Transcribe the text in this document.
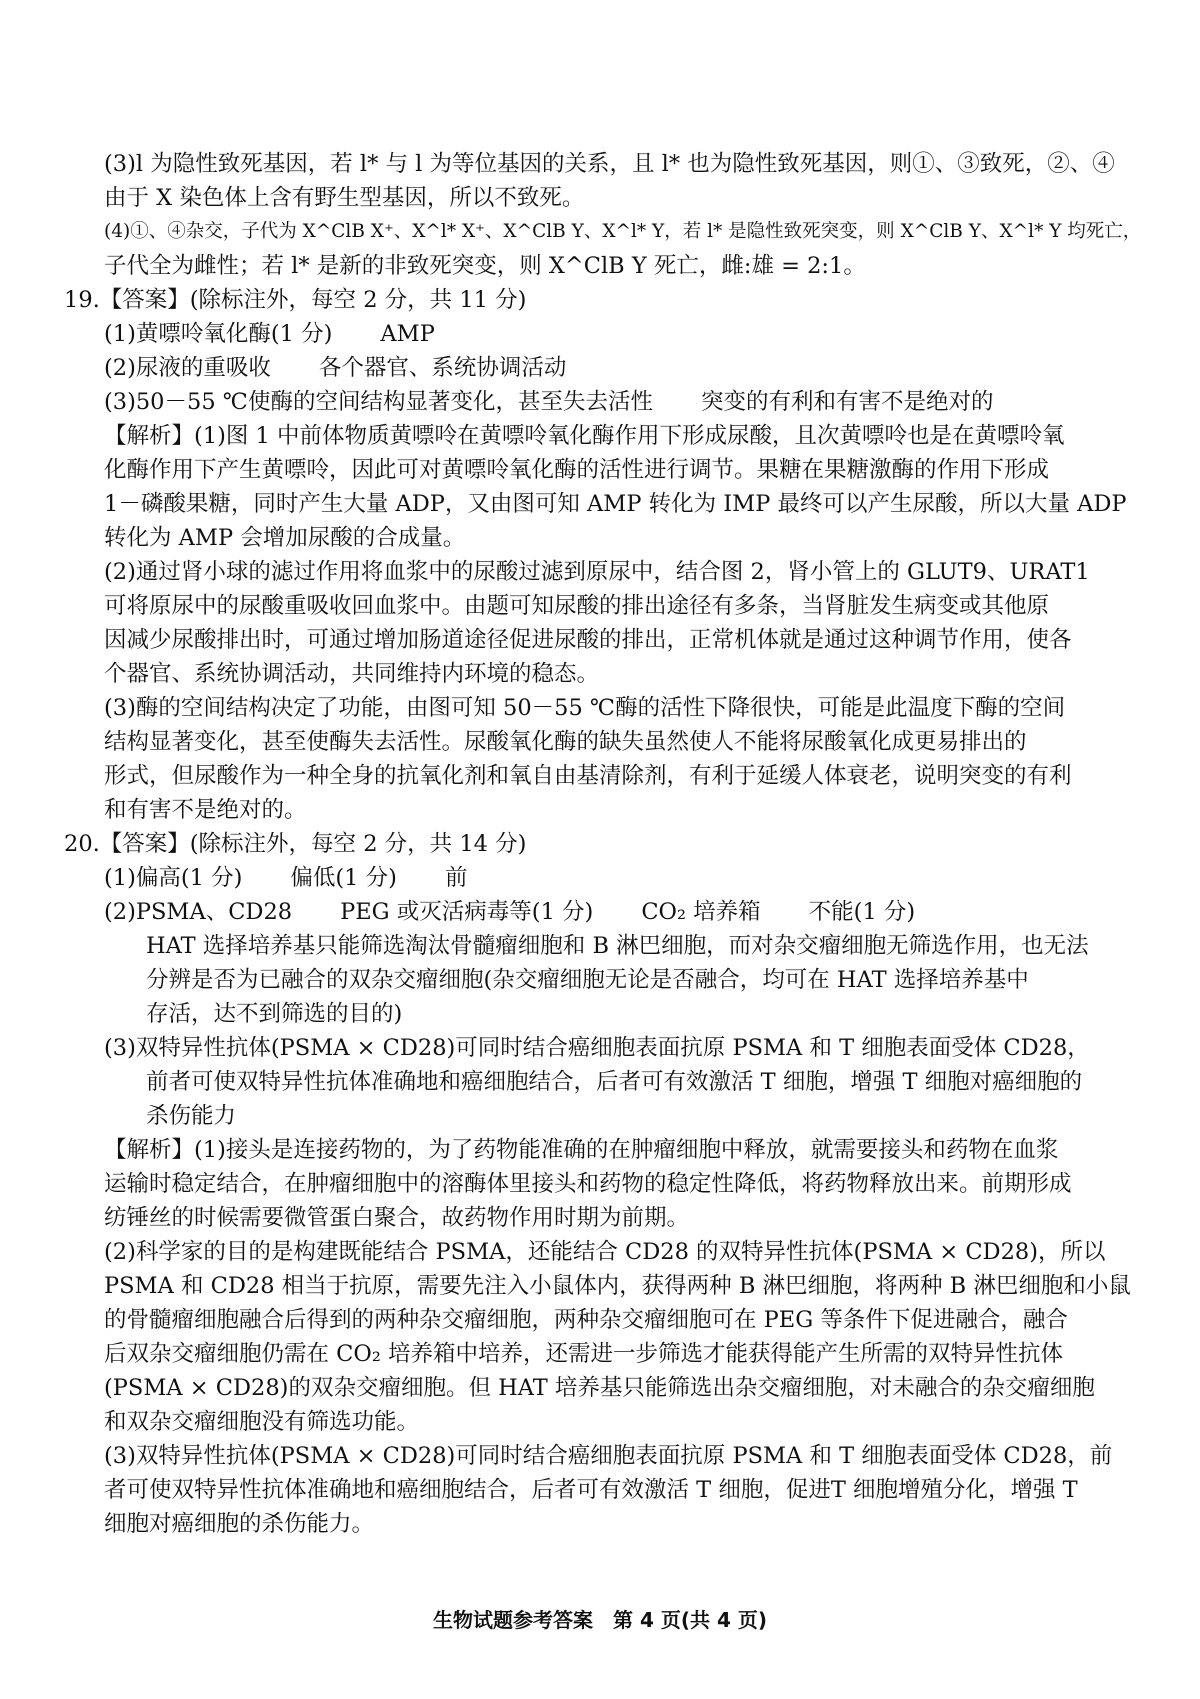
(3)l 为隐性致死基因，若 l* 与 l 为等位基因的关系，且 l* 也为隐性致死基因，则①、③致死，②、④
由于 X 染色体上含有野生型基因，所以不致死。
(4)①、④杂交，子代为 X^ClB X⁺、X^l* X⁺、X^ClB Y、X^l* Y，若 l* 是隐性致死突变，则 X^ClB Y、X^l* Y 均死亡，
子代全为雌性；若 l* 是新的非致死突变，则 X^ClB Y 死亡，雌:雄 = 2:1。
19.【答案】(除标注外，每空 2 分，共 11 分)
(1)黄嘌呤氧化酶(1 分) AMP
(2)尿液的重吸收 各个器官、系统协调活动
(3)50－55 ℃使酶的空间结构显著变化，甚至失去活性 突变的有利和有害不是绝对的
【解析】(1)图 1 中前体物质黄嘌呤在黄嘌呤氧化酶作用下形成尿酸，且次黄嘌呤也是在黄嘌呤氧
化酶作用下产生黄嘌呤，因此可对黄嘌呤氧化酶的活性进行调节。果糖在果糖激酶的作用下形成
1－磷酸果糖，同时产生大量 ADP，又由图可知 AMP 转化为 IMP 最终可以产生尿酸，所以大量 ADP
转化为 AMP 会增加尿酸的合成量。
(2)通过肾小球的滤过作用将血浆中的尿酸过滤到原尿中，结合图 2，肾小管上的 GLUT9、URAT1
可将原尿中的尿酸重吸收回血浆中。由题可知尿酸的排出途径有多条，当肾脏发生病变或其他原
因减少尿酸排出时，可通过增加肠道途径促进尿酸的排出，正常机体就是通过这种调节作用，使各
个器官、系统协调活动，共同维持内环境的稳态。
(3)酶的空间结构决定了功能，由图可知 50－55 ℃酶的活性下降很快，可能是此温度下酶的空间
结构显著变化，甚至使酶失去活性。尿酸氧化酶的缺失虽然使人不能将尿酸氧化成更易排出的
形式，但尿酸作为一种全身的抗氧化剂和氧自由基清除剂，有利于延缓人体衰老，说明突变的有利
和有害不是绝对的。
20.【答案】(除标注外，每空 2 分，共 14 分)
(1)偏高(1 分) 偏低(1 分) 前
(2)PSMA、CD28 PEG 或灭活病毒等(1 分) CO₂ 培养箱 不能(1 分)
HAT 选择培养基只能筛选淘汰骨髓瘤细胞和 B 淋巴细胞，而对杂交瘤细胞无筛选作用，也无法
分辨是否为已融合的双杂交瘤细胞(杂交瘤细胞无论是否融合，均可在 HAT 选择培养基中
存活，达不到筛选的目的)
(3)双特异性抗体(PSMA × CD28)可同时结合癌细胞表面抗原 PSMA 和 T 细胞表面受体 CD28，
前者可使双特异性抗体准确地和癌细胞结合，后者可有效激活 T 细胞，增强 T 细胞对癌细胞的
杀伤能力
【解析】(1)接头是连接药物的，为了药物能准确的在肿瘤细胞中释放，就需要接头和药物在血浆
运输时稳定结合，在肿瘤细胞中的溶酶体里接头和药物的稳定性降低，将药物释放出来。前期形成
纺锤丝的时候需要微管蛋白聚合，故药物作用时期为前期。
(2)科学家的目的是构建既能结合 PSMA，还能结合 CD28 的双特异性抗体(PSMA × CD28)，所以
PSMA 和 CD28 相当于抗原，需要先注入小鼠体内，获得两种 B 淋巴细胞，将两种 B 淋巴细胞和小鼠
的骨髓瘤细胞融合后得到的两种杂交瘤细胞，两种杂交瘤细胞可在 PEG 等条件下促进融合，融合
后双杂交瘤细胞仍需在 CO₂ 培养箱中培养，还需进一步筛选才能获得能产生所需的双特异性抗体
(PSMA × CD28)的双杂交瘤细胞。但 HAT 培养基只能筛选出杂交瘤细胞，对未融合的杂交瘤细胞
和双杂交瘤细胞没有筛选功能。
(3)双特异性抗体(PSMA × CD28)可同时结合癌细胞表面抗原 PSMA 和 T 细胞表面受体 CD28，前
者可使双特异性抗体准确地和癌细胞结合，后者可有效激活 T 细胞，促进T 细胞增殖分化，增强 T
细胞对癌细胞的杀伤能力。
生物试题参考答案　第 4 页(共 4 页)
